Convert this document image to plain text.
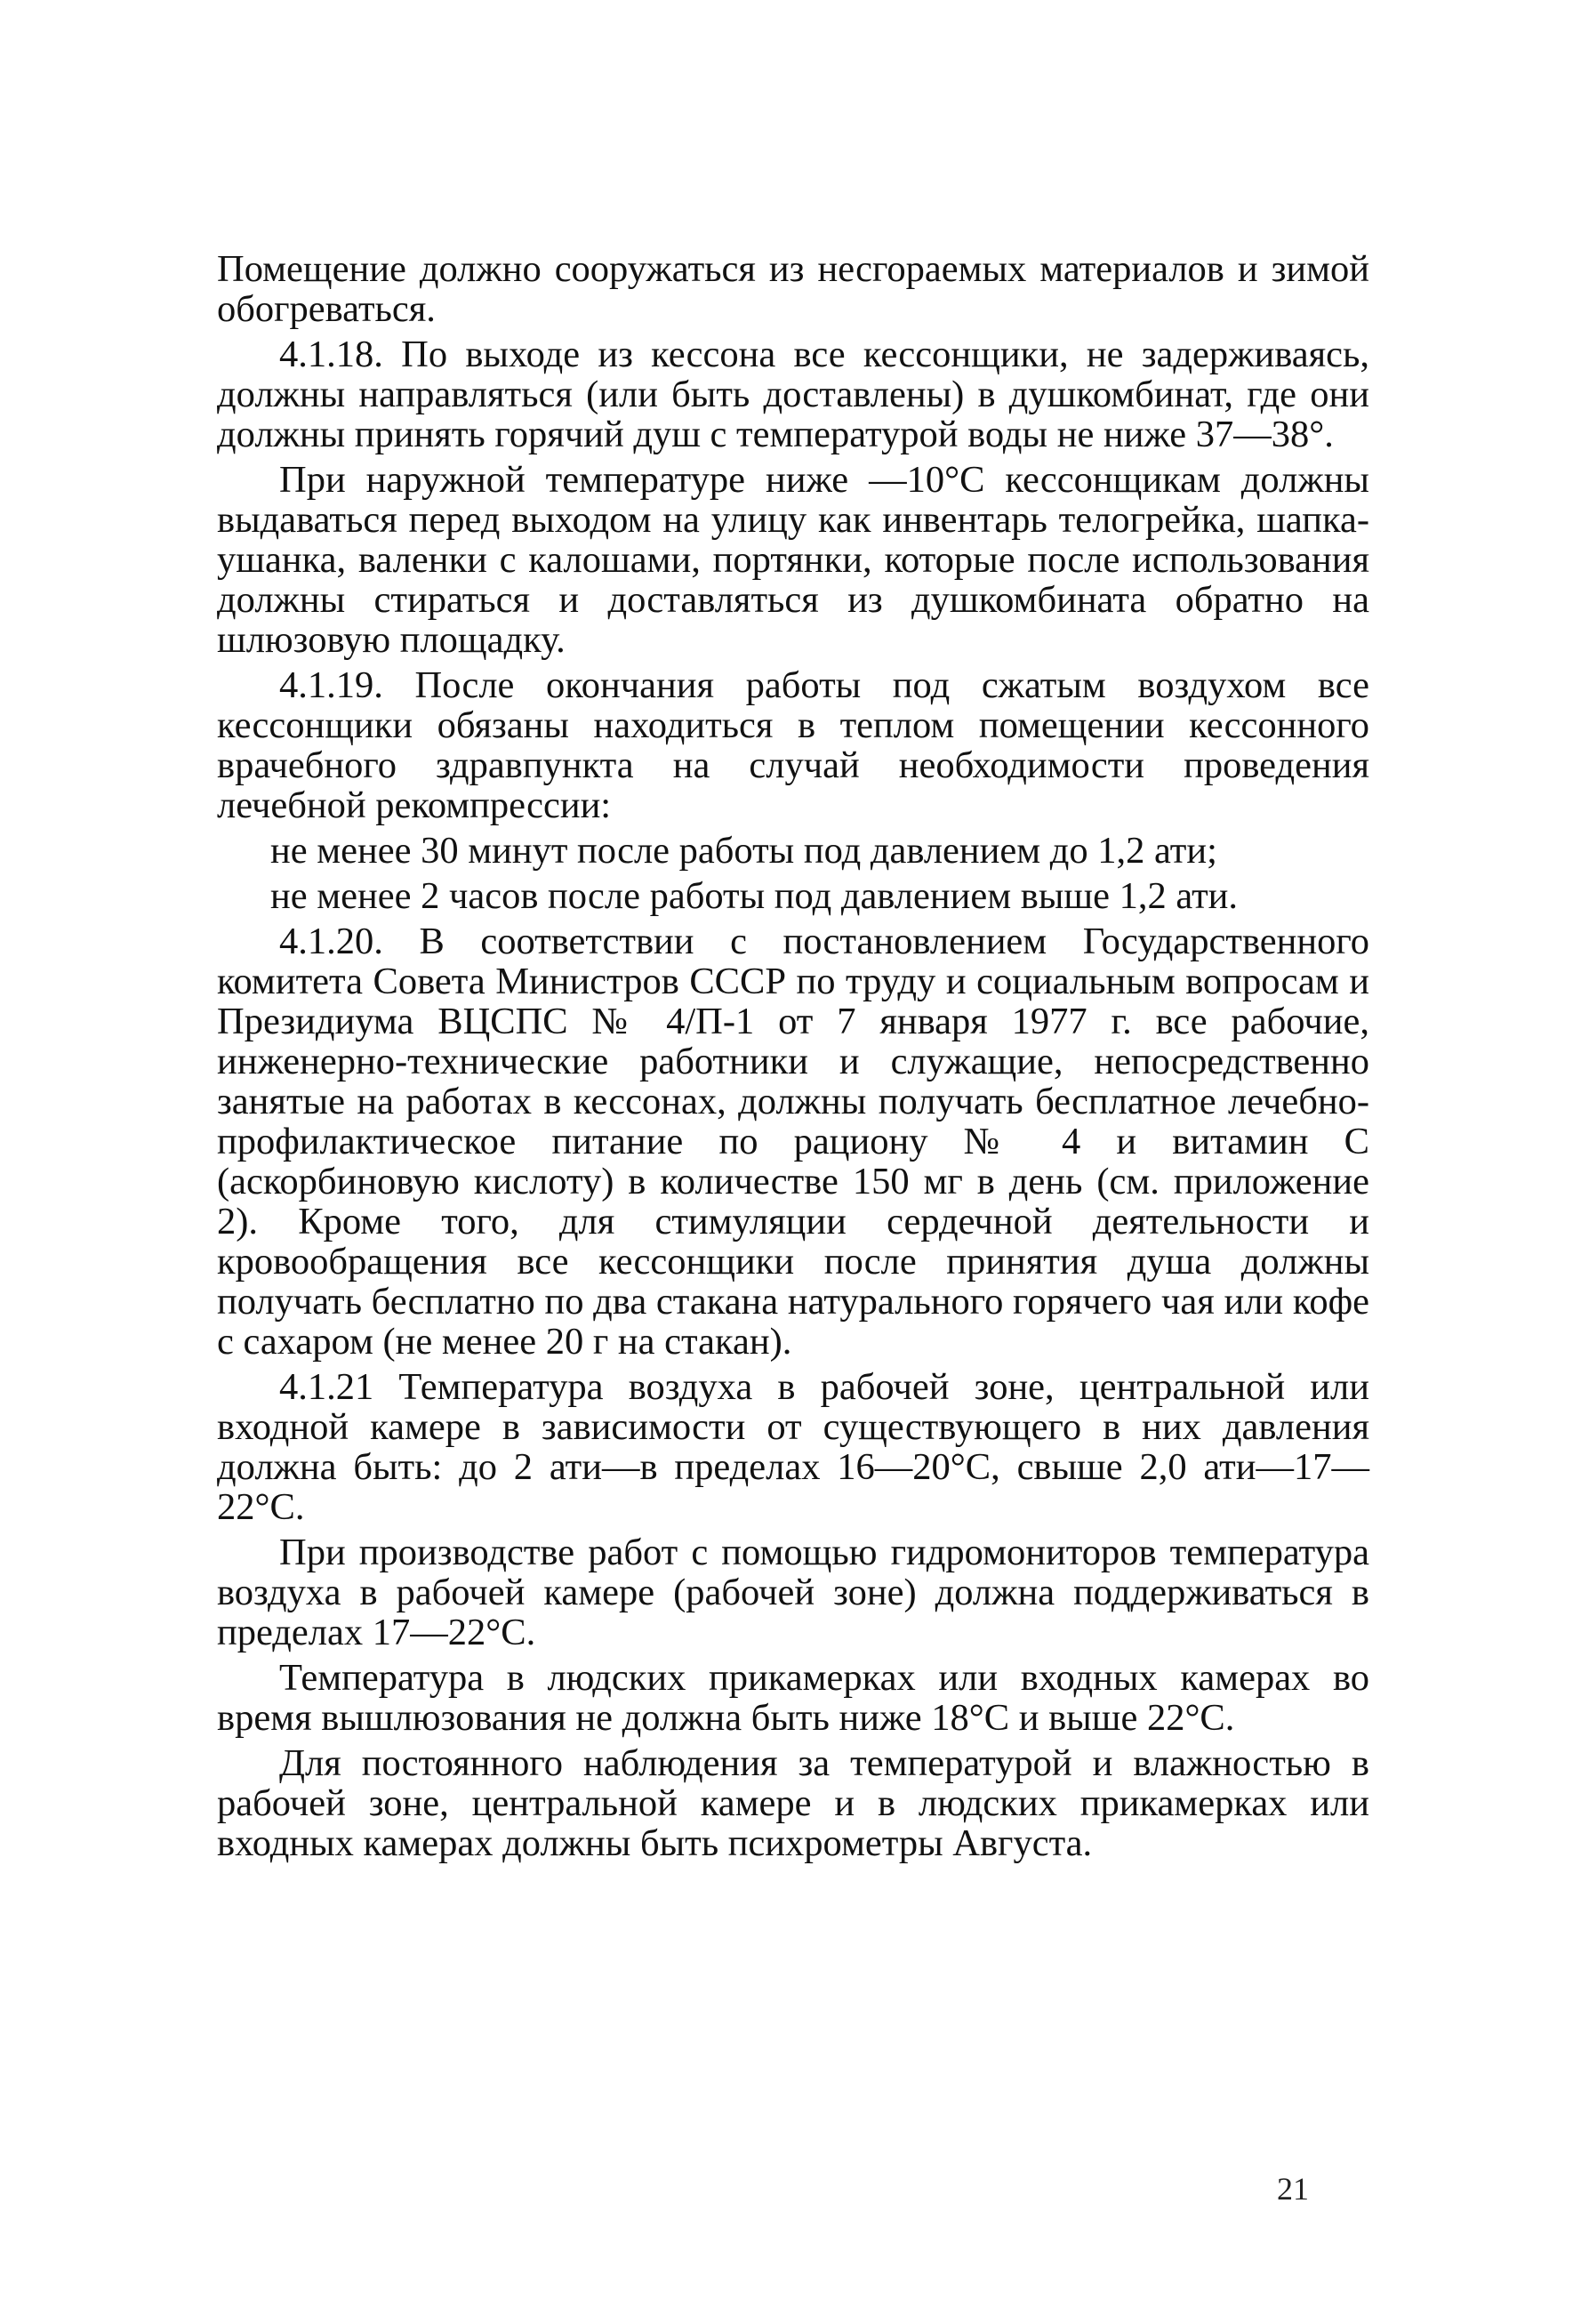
Помещение должно сооружаться из несгораемых материалов и зимой обогреваться.

4.1.18. По выходе из кессона все кессонщики, не задерживаясь, должны направляться (или быть доставлены) в душкомбинат, где они должны принять горячий душ с температурой воды не ниже 37—38°.

При наружной температуре ниже —10°С кессонщикам должны выдаваться перед выходом на улицу как инвентарь телогрейка, шапка-ушанка, валенки с калошами, портянки, которые после использования должны стираться и доставляться из душкомбината обратно на шлюзовую площадку.

4.1.19. После окончания работы под сжатым воздухом все кессонщики обязаны находиться в теплом помещении кессонного врачебного здравпункта на случай необходимости проведения лечебной рекомпрессии:

не менее 30 минут после работы под давлением до 1,2 ати;

не менее 2 часов после работы под давлением выше 1,2 ати.

4.1.20. В соответствии с постановлением Государственного комитета Совета Министров СССР по труду и социальным вопросам и Президиума ВЦСПС № 4/П-1 от 7 января 1977 г. все рабочие, инженерно-технические работники и служащие, непосредственно занятые на работах в кессонах, должны получать бесплатное лечебно-профилактическое питание по рациону № 4 и витамин С (аскорбиновую кислоту) в количестве 150 мг в день (см. приложение 2). Кроме того, для стимуляции сердечной деятельности и кровообращения все кессонщики после принятия душа должны получать бесплатно по два стакана натурального горячего чая или кофе с сахаром (не менее 20 г на стакан).

4.1.21 Температура воздуха в рабочей зоне, центральной или входной камере в зависимости от существующего в них давления должна быть: до 2 ати—в пределах 16—20°С, свыше 2,0 ати—17—22°С.

При производстве работ с помощью гидромониторов температура воздуха в рабочей камере (рабочей зоне) должна поддерживаться в пределах 17—22°С.

Температура в людских прикамерках или входных камерах во время вышлюзования не должна быть ниже 18°С и выше 22°С.

Для постоянного наблюдения за температурой и влажностью в рабочей зоне, центральной камере и в людских прикамерках или входных камерах должны быть психрометры Августа.

21
